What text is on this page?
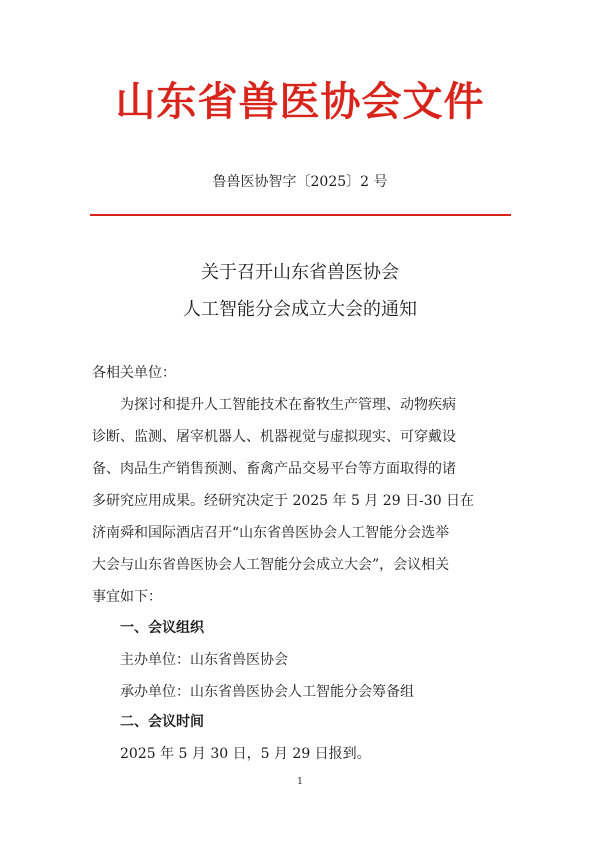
山东省兽医协会文件
鲁兽医协智字〔2025〕2 号
关于召开山东省兽医协会
人工智能分会成立大会的通知
各相关单位：
为探讨和提升人工智能技术在畜牧生产管理、动物疾病
诊断、监测、屠宰机器人、机器视觉与虚拟现实、可穿戴设
备、肉品生产销售预测、畜禽产品交易平台等方面取得的诸
多研究应用成果。经研究决定于 2025 年 5 月 29 日-30 日在
济南舜和国际酒店召开“山东省兽医协会人工智能分会选举
大会与山东省兽医协会人工智能分会成立大会”，会议相关
事宜如下：
一、会议组织
主办单位：山东省兽医协会
承办单位：山东省兽医协会人工智能分会筹备组
二、会议时间
2025 年 5 月 30 日，5 月 29 日报到。
1
